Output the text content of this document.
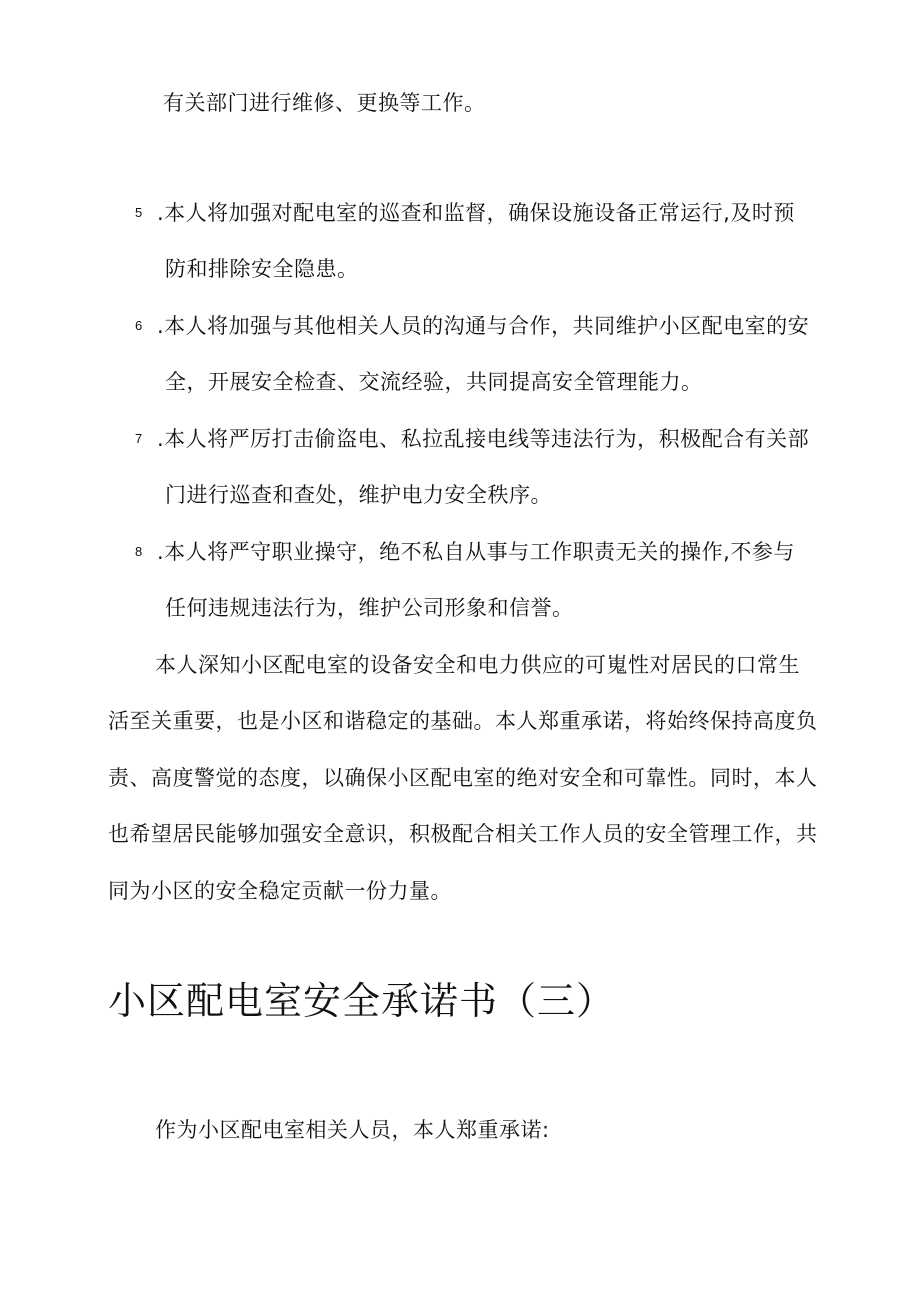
有关部门进行维修、更换等工作。
5 .本人将加强对配电室的巡查和监督，确保设施设备正常运行,及时预
防和排除安全隐患。
6 .本人将加强与其他相关人员的沟通与合作，共同维护小区配电室的安
全，开展安全检查、交流经验，共同提高安全管理能力。
7 .本人将严厉打击偷盗电、私拉乱接电线等违法行为，积极配合有关部
门进行巡查和查处，维护电力安全秩序。
8 .本人将严守职业操守，绝不私自从事与工作职责无关的操作,不参与
任何违规违法行为，维护公司形象和信誉。
本人深知小区配电室的设备安全和电力供应的可嵬性对居民的口常生
活至关重要，也是小区和谐稳定的基础。本人郑重承诺，将始终保持高度负
责、高度警觉的态度，以确保小区配电室的绝对安全和可靠性。同时，本人
也希望居民能够加强安全意识，积极配合相关工作人员的安全管理工作，共
同为小区的安全稳定贡献一份力量。
小区配电室安全承诺书（三）
作为小区配电室相关人员，本人郑重承诺:
